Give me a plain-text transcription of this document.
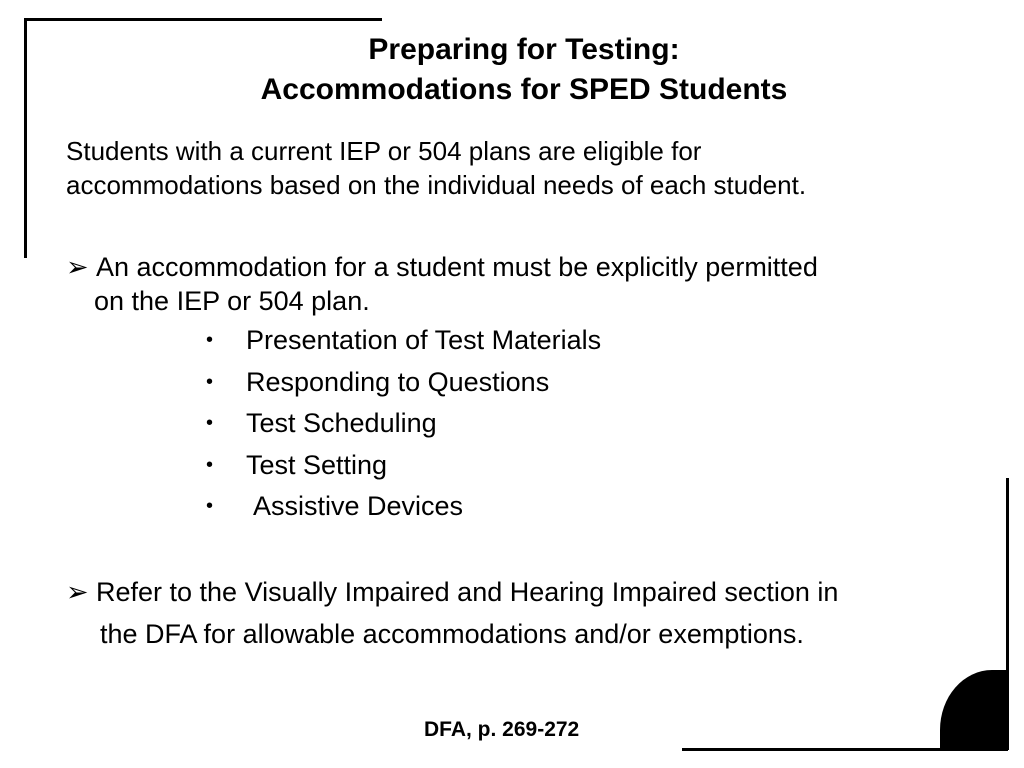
Preparing for Testing:
Accommodations for SPED Students

Students with a current IEP or 504 plans are eligible for
accommodations based on the individual needs of each student.

➢ An accommodation for a student must be explicitly permitted
on the IEP or 504 plan.

• Presentation of Test Materials
• Responding to Questions
• Test Scheduling
• Test Setting
• Assistive Devices

➢ Refer to the Visually Impaired and Hearing Impaired section in
the DFA for allowable accommodations and/or exemptions.

DFA, p. 269-272
